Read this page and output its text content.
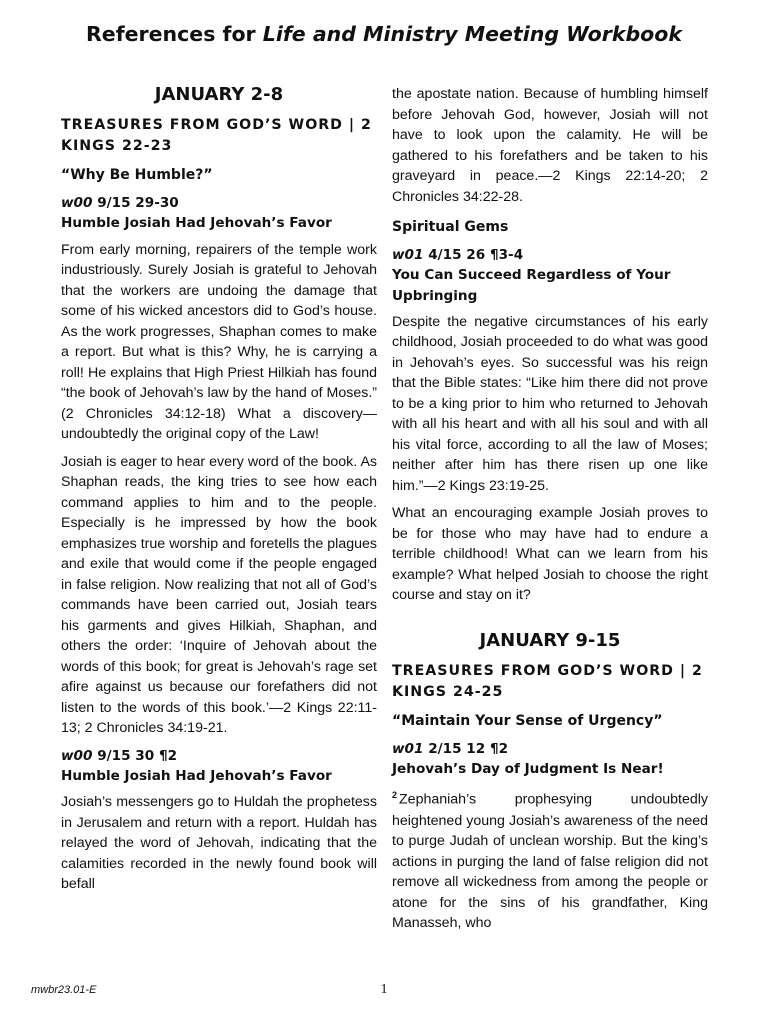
References for Life and Ministry Meeting Workbook
JANUARY 2-8
TREASURES FROM GOD’S WORD | 2 KINGS 22-23
“Why Be Humble?”
w00 9/15 29-30
Humble Josiah Had Jehovah’s Favor

From early morning, repairers of the temple work industriously. Surely Josiah is grateful to Jehovah that the workers are undoing the damage that some of his wicked ancestors did to God’s house. As the work progresses, Shaphan comes to make a report. But what is this? Why, he is carrying a roll! He explains that High Priest Hilkiah has found “the book of Jehovah’s law by the hand of Moses.” (2 Chronicles 34:12-18) What a discovery—undoubtedly the original copy of the Law!

Josiah is eager to hear every word of the book. As Shaphan reads, the king tries to see how each command applies to him and to the people. Especially is he impressed by how the book emphasizes true worship and foretells the plagues and exile that would come if the people engaged in false religion. Now realizing that not all of God’s commands have been carried out, Josiah tears his garments and gives Hilkiah, Shaphan, and others the order: ‘Inquire of Jehovah about the words of this book; for great is Jehovah’s rage set afire against us because our forefathers did not listen to the words of this book.’—2 Kings 22:11-13; 2 Chronicles 34:19-21.

w00 9/15 30 ¶2
Humble Josiah Had Jehovah’s Favor

Josiah’s messengers go to Huldah the prophetess in Jerusalem and return with a report. Huldah has relayed the word of Jehovah, indicating that the calamities recorded in the newly found book will befall

the apostate nation. Because of humbling himself before Jehovah God, however, Josiah will not have to look upon the calamity. He will be gathered to his forefathers and be taken to his graveyard in peace.—2 Kings 22:14-20; 2 Chronicles 34:22-28.

Spiritual Gems
w01 4/15 26 ¶3-4
You Can Succeed Regardless of Your Upbringing

Despite the negative circumstances of his early childhood, Josiah proceeded to do what was good in Jehovah’s eyes. So successful was his reign that the Bible states: “Like him there did not prove to be a king prior to him who returned to Jehovah with all his heart and with all his soul and with all his vital force, according to all the law of Moses; neither after him has there risen up one like him.”—2 Kings 23:19-25.

What an encouraging example Josiah proves to be for those who may have had to endure a terrible childhood! What can we learn from his example? What helped Josiah to choose the right course and stay on it?

JANUARY 9-15
TREASURES FROM GOD’S WORD | 2 KINGS 24-25
“Maintain Your Sense of Urgency”
w01 2/15 12 ¶2
Jehovah’s Day of Judgment Is Near!

$^2$ Zephaniah’s prophesying undoubtedly heightened young Josiah’s awareness of the need to purge Judah of unclean worship. But the king’s actions in purging the land of false religion did not remove all wickedness from among the people or atone for the sins of his grandfather, King Manasseh, who

mwbr23.01-E	1
